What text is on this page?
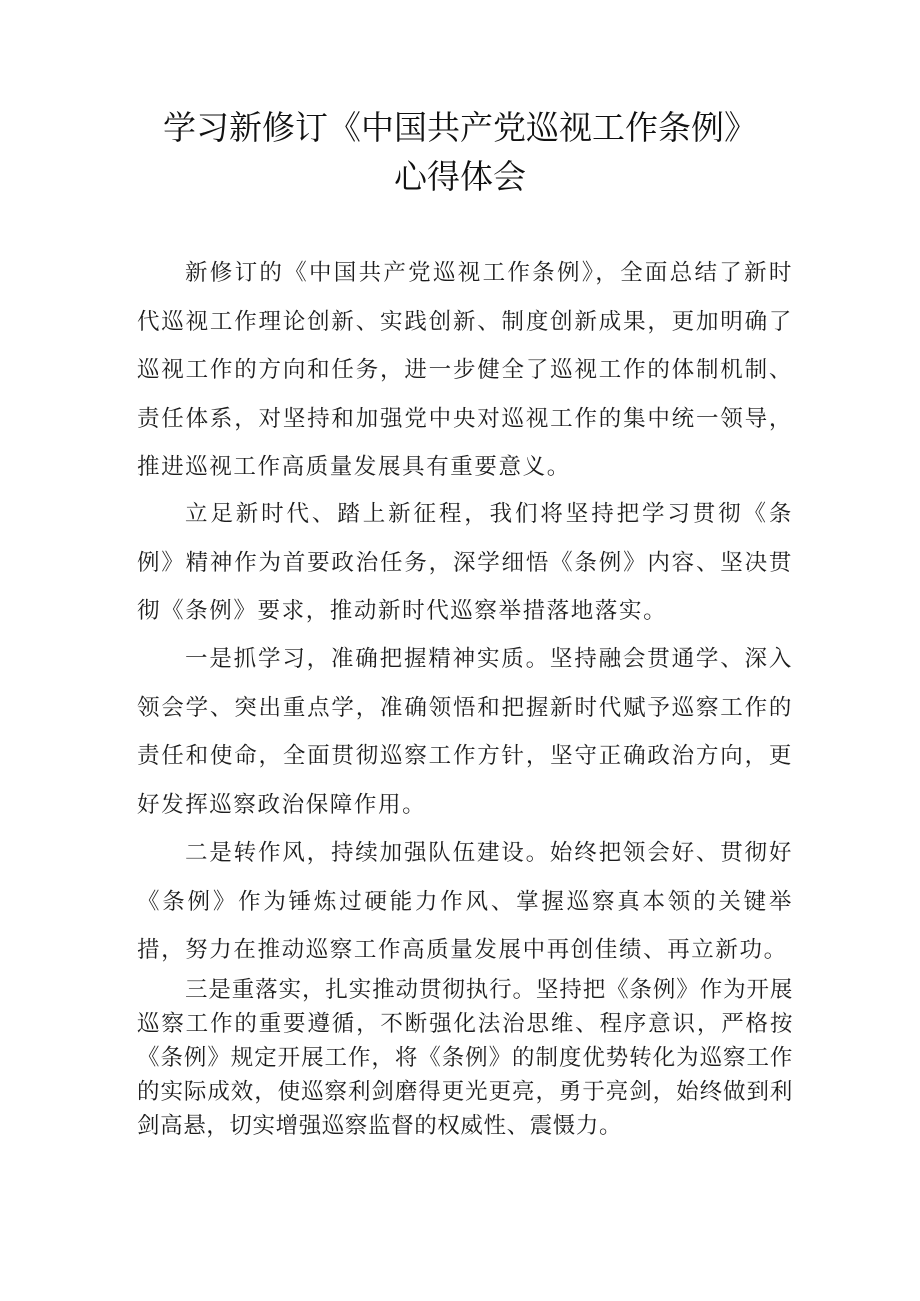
学习新修订《中国共产党巡视工作条例》
心得体会

新修订的《中国共产党巡视工作条例》，全面总结了新时代巡视工作理论创新、实践创新、制度创新成果，更加明确了巡视工作的方向和任务，进一步健全了巡视工作的体制机制、责任体系，对坚持和加强党中央对巡视工作的集中统一领导，推进巡视工作高质量发展具有重要意义。

立足新时代、踏上新征程，我们将坚持把学习贯彻《条例》精神作为首要政治任务，深学细悟《条例》内容、坚决贯彻《条例》要求，推动新时代巡察举措落地落实。

一是抓学习，准确把握精神实质。坚持融会贯通学、深入领会学、突出重点学，准确领悟和把握新时代赋予巡察工作的责任和使命，全面贯彻巡察工作方针，坚守正确政治方向，更好发挥巡察政治保障作用。

二是转作风，持续加强队伍建设。始终把领会好、贯彻好《条例》作为锤炼过硬能力作风、掌握巡察真本领的关键举措，努力在推动巡察工作高质量发展中再创佳绩、再立新功。

三是重落实，扎实推动贯彻执行。坚持把《条例》作为开展巡察工作的重要遵循，不断强化法治思维、程序意识，严格按《条例》规定开展工作，将《条例》的制度优势转化为巡察工作的实际成效，使巡察利剑磨得更光更亮，勇于亮剑，始终做到利剑高悬，切实增强巡察监督的权威性、震慑力。
